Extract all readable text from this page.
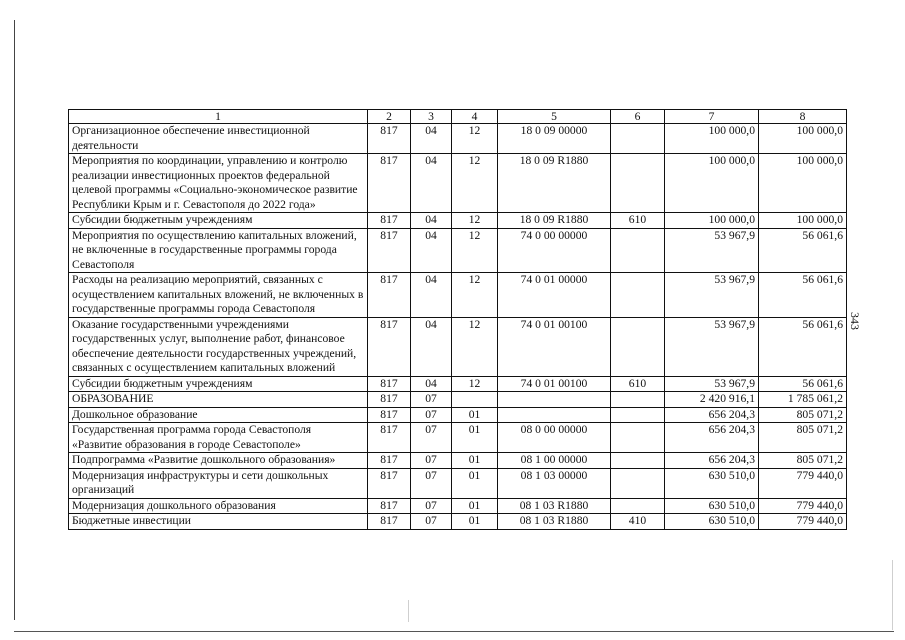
343
1	2	3	4	5	6	7	8
Организационное обеспечение инвестиционной деятельности	817	04	12	18 0 09 00000		100 000,0	100 000,0
Мероприятия по координации, управлению и контролю реализации инвестиционных проектов федеральной целевой программы «Социально-экономическое развитие Республики Крым и г. Севастополя до 2022 года»	817	04	12	18 0 09 R1880		100 000,0	100 000,0
Субсидии бюджетным учреждениям	817	04	12	18 0 09 R1880	610	100 000,0	100 000,0
Мероприятия по осуществлению капитальных вложений, не включенные в государственные программы города Севастополя	817	04	12	74 0 00 00000		53 967,9	56 061,6
Расходы на реализацию мероприятий, связанных с осуществлением капитальных вложений, не включенных в государственные программы города Севастополя	817	04	12	74 0 01 00000		53 967,9	56 061,6
Оказание государственными учреждениями государственных услуг, выполнение работ, финансовое обеспечение деятельности государственных учреждений, связанных с осуществлением капитальных вложений	817	04	12	74 0 01 00100		53 967,9	56 061,6
Субсидии бюджетным учреждениям	817	04	12	74 0 01 00100	610	53 967,9	56 061,6
ОБРАЗОВАНИЕ	817	07				2 420 916,1	1 785 061,2
Дошкольное образование	817	07	01			656 204,3	805 071,2
Государственная программа города Севастополя «Развитие образования в городе Севастополе»	817	07	01	08 0 00 00000		656 204,3	805 071,2
Подпрограмма «Развитие дошкольного образования»	817	07	01	08 1 00 00000		656 204,3	805 071,2
Модернизация инфраструктуры и сети дошкольных организаций	817	07	01	08 1 03 00000		630 510,0	779 440,0
Модернизация дошкольного образования	817	07	01	08 1 03 R1880		630 510,0	779 440,0
Бюджетные инвестиции	817	07	01	08 1 03 R1880	410	630 510,0	779 440,0
